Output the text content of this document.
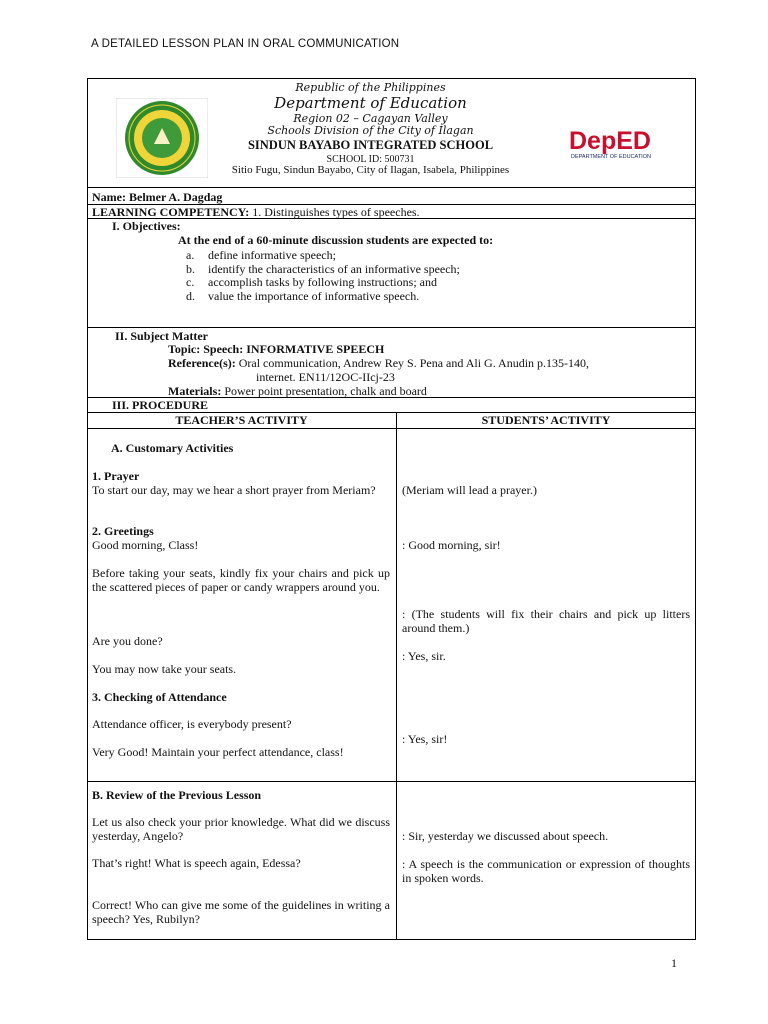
A DETAILED LESSON PLAN IN ORAL COMMUNICATION
DepED
DEPARTMENT OF EDUCATION
Republic of the Philippines
Department of Education
Region 02 – Cagayan Valley
Schools Division of the City of Ilagan
SINDUN BAYABO INTEGRATED SCHOOL
SCHOOL ID: 500731
Sitio Fugu, Sindun Bayabo, City of Ilagan, Isabela, Philippines
Name: Belmer A. Dagdag
LEARNING COMPETENCY: 1. Distinguishes types of speeches.
I. Objectives:
At the end of a 60-minute discussion students are expected to:
a. define informative speech;
b. identify the characteristics of an informative speech;
c. accomplish tasks by following instructions; and
d. value the importance of informative speech.
II. Subject Matter
Topic: Speech: INFORMATIVE SPEECH
Reference(s): Oral communication, Andrew Rey S. Pena and Ali G. Anudin p.135-140,
internet. EN11/12OC-IIcj-23
Materials: Power point presentation, chalk and board
III. PROCEDURE
TEACHER’S ACTIVITY	STUDENTS’ ACTIVITY
A. Customary Activities
1. Prayer
To start our day, may we hear a short prayer from Meriam?
2. Greetings
Good morning, Class!
Before taking your seats, kindly fix your chairs and pick up the scattered pieces of paper or candy wrappers around you.
Are you done?
You may now take your seats.
3. Checking of Attendance
Attendance officer, is everybody present?
Very Good! Maintain your perfect attendance, class!
B. Review of the Previous Lesson
Let us also check your prior knowledge. What did we discuss yesterday, Angelo?
That’s right! What is speech again, Edessa?
Correct! Who can give me some of the guidelines in writing a speech? Yes, Rubilyn?
(Meriam will lead a prayer.)
: Good morning, sir!
: (The students will fix their chairs and pick up litters around them.)
: Yes, sir.
: Yes, sir!
: Sir, yesterday we discussed about speech.
: A speech is the communication or expression of thoughts in spoken words.
1
